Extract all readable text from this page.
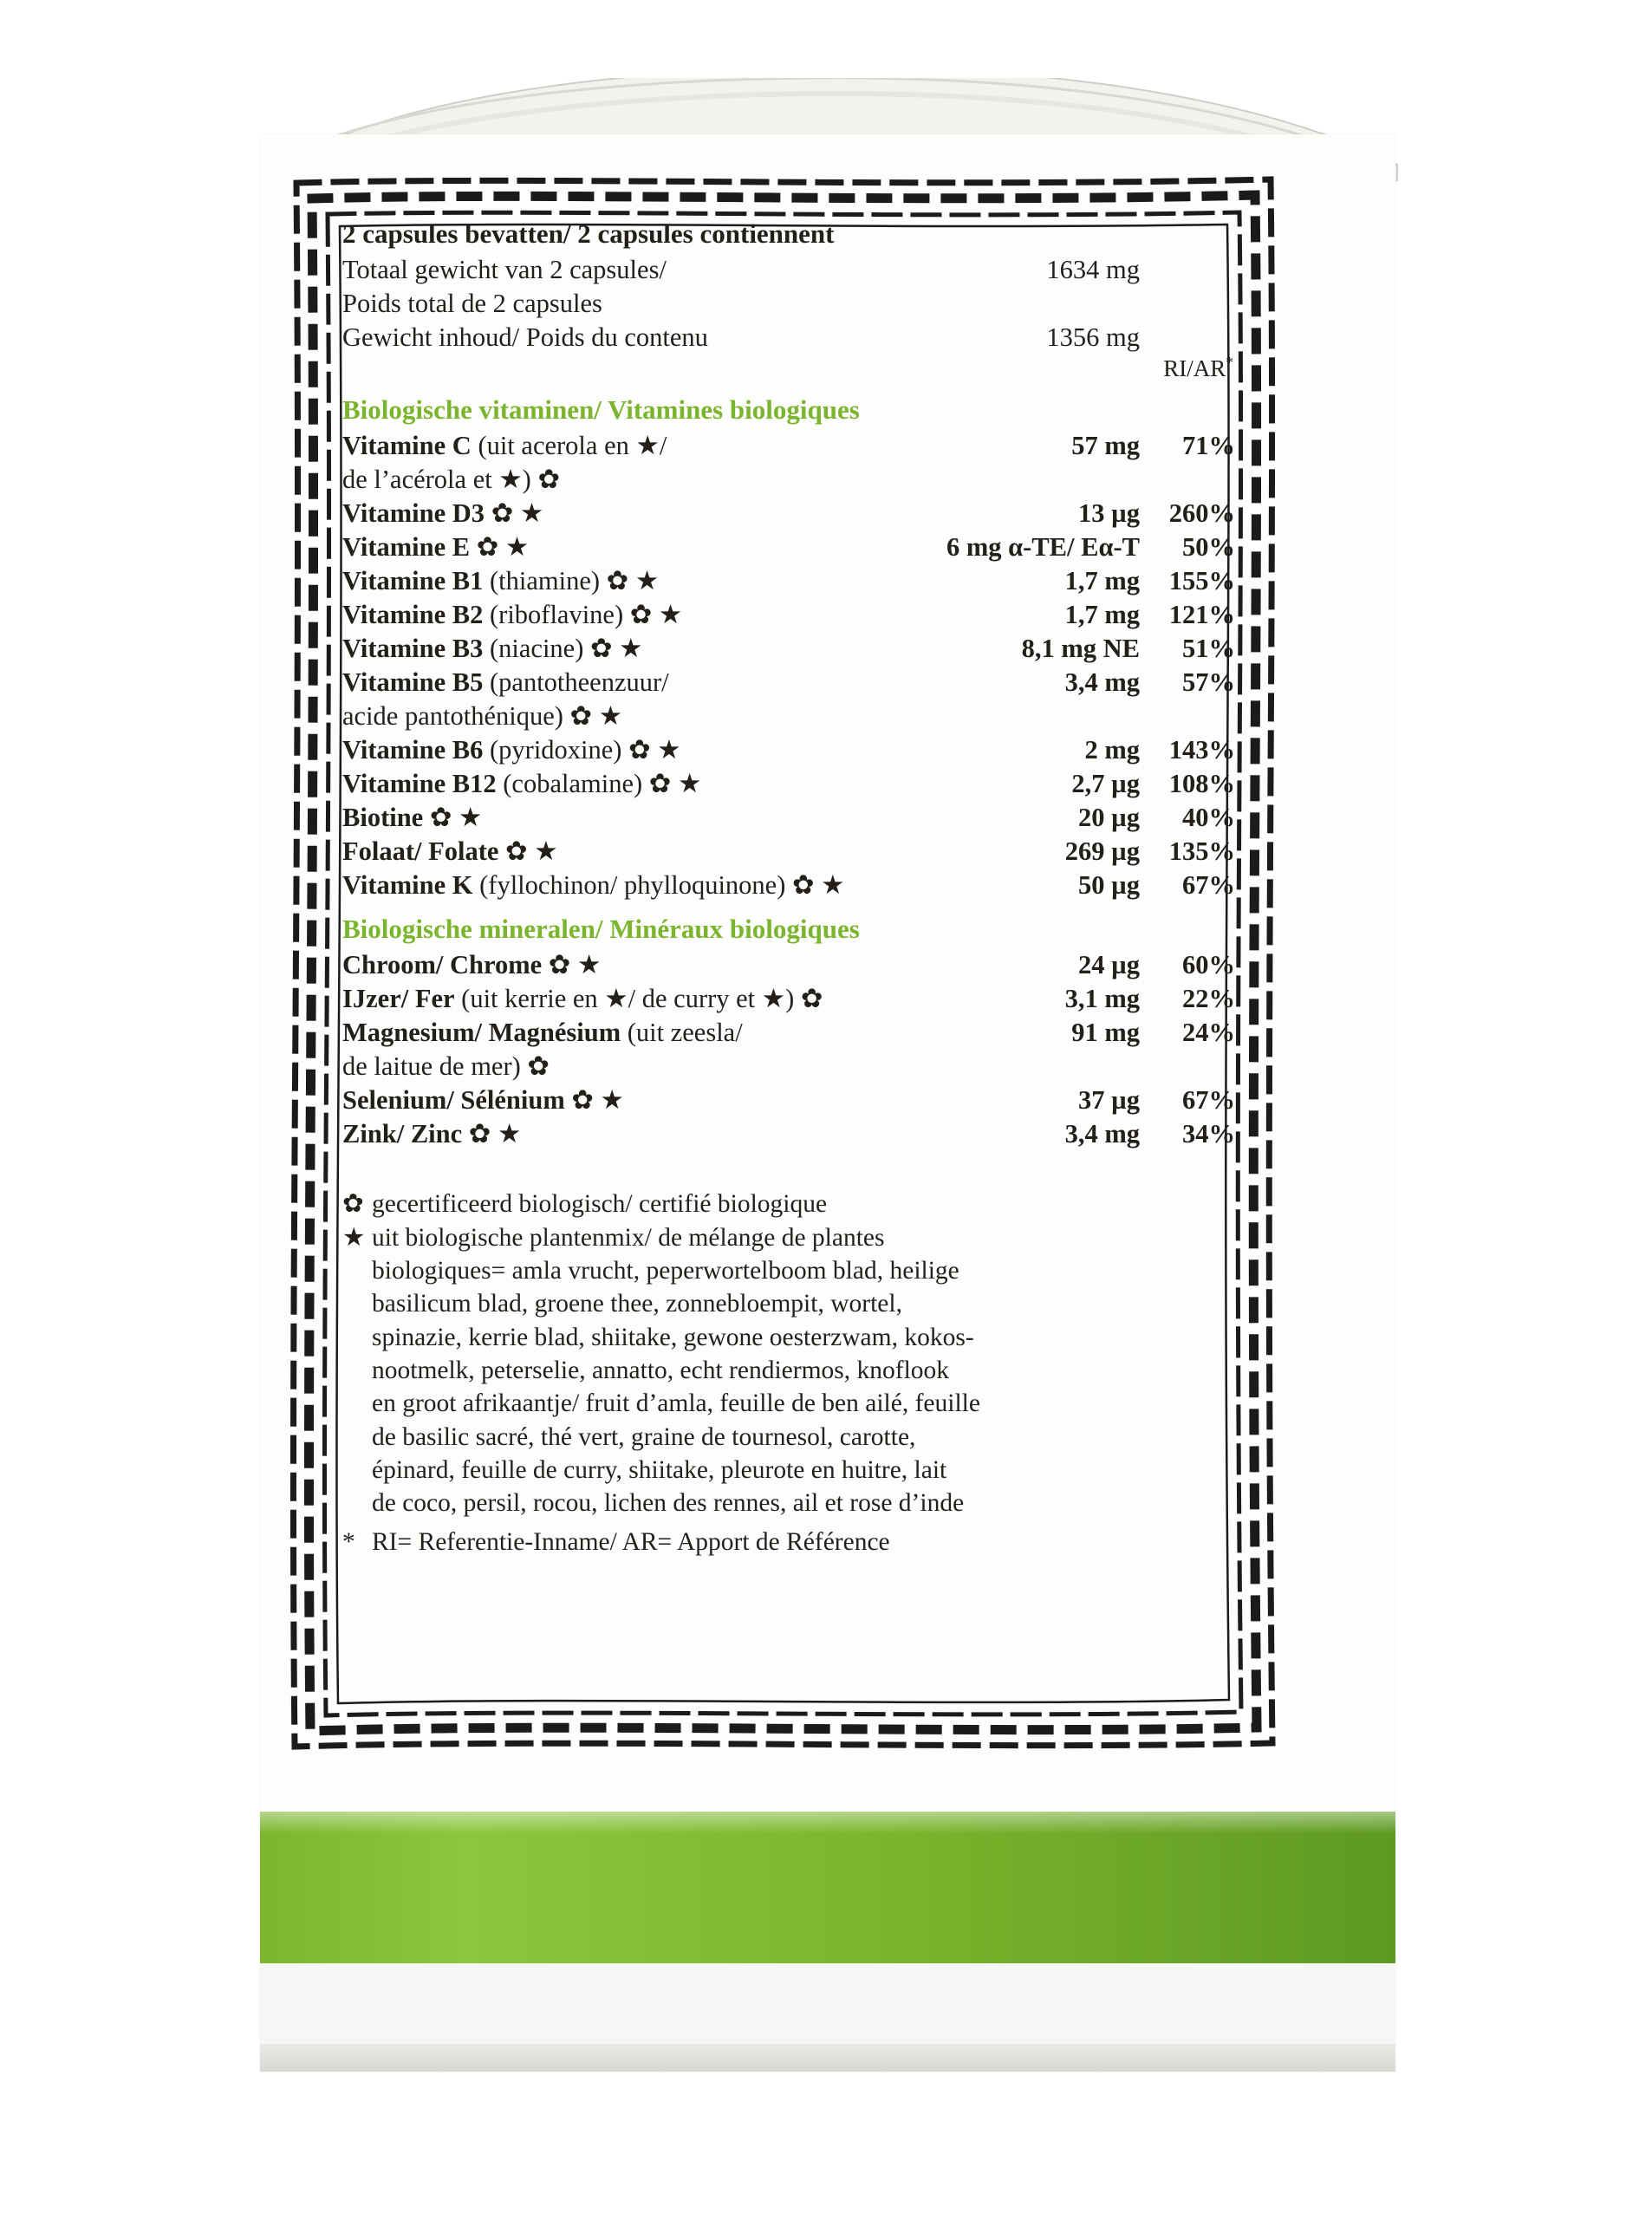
2 capsules bevatten/ 2 capsules contiennent
Totaal gewicht van 2 capsules/	1634 mg
Poids total de 2 capsules
Gewicht inhoud/ Poids du contenu	1356 mg
RI/AR*
Biologische vitaminen/ Vitamines biologiques
Vitamine C (uit acerola en ★/	57 mg	71%
de l’acérola et ★) ✿
Vitamine D3 ✿ ★	13 µg	260%
Vitamine E ✿ ★	6 mg α-TE/ Eα-T	50%
Vitamine B1 (thiamine) ✿ ★	1,7 mg	155%
Vitamine B2 (riboflavine) ✿ ★	1,7 mg	121%
Vitamine B3 (niacine) ✿ ★	8,1 mg NE	51%
Vitamine B5 (pantotheenzuur/	3,4 mg	57%
acide pantothénique) ✿ ★
Vitamine B6 (pyridoxine) ✿ ★	2 mg	143%
Vitamine B12 (cobalamine) ✿ ★	2,7 µg	108%
Biotine ✿ ★	20 µg	40%
Folaat/ Folate ✿ ★	269 µg	135%
Vitamine K (fyllochinon/ phylloquinone) ✿ ★	50 µg	67%
Biologische mineralen/ Minéraux biologiques
Chroom/ Chrome ✿ ★	24 µg	60%
IJzer/ Fer (uit kerrie en ★/ de curry et ★) ✿	3,1 mg	22%
Magnesium/ Magnésium (uit zeesla/	91 mg	24%
de laitue de mer) ✿
Selenium/ Sélénium ✿ ★	37 µg	67%
Zink/ Zinc ✿ ★	3,4 mg	34%
✿ gecertificeerd biologisch/ certifié biologique
★ uit biologische plantenmix/ de mélange de plantes
biologiques= amla vrucht, peperwortelboom blad, heilige
basilicum blad, groene thee, zonnebloempit, wortel,
spinazie, kerrie blad, shiitake, gewone oesterzwam, kokos-
nootmelk, peterselie, annatto, echt rendiermos, knoflook
en groot afrikaantje/ fruit d’amla, feuille de ben ailé, feuille
de basilic sacré, thé vert, graine de tournesol, carotte,
épinard, feuille de curry, shiitake, pleurote en huitre, lait
de coco, persil, rocou, lichen des rennes, ail et rose d’inde
* RI= Referentie-Inname/ AR= Apport de Référence
